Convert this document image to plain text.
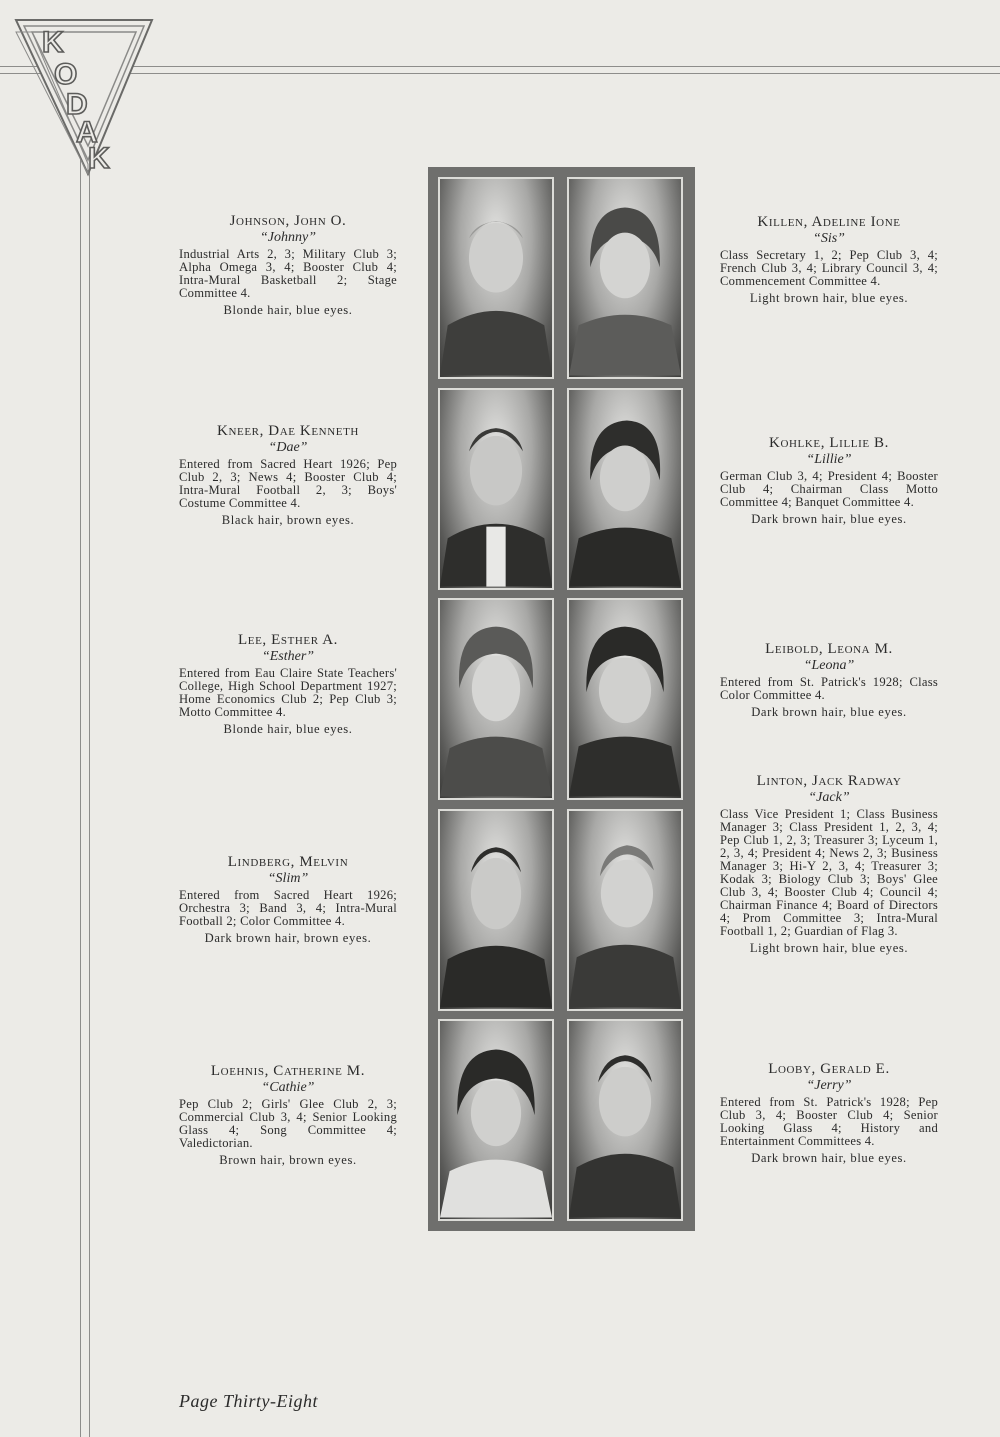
K
O
D
A
K
Johnson, John O.
“Johnny”
Industrial Arts 2, 3; Military Club 3; Alpha Omega 3, 4; Booster Club 4; Intra-Mural Basketball 2; Stage Committee 4.
Blonde hair, blue eyes.
Kneer, Dae Kenneth
“Dae”
Entered from Sacred Heart 1926; Pep Club 2, 3; News 4; Booster Club 4; Intra-Mural Football 2, 3; Boys' Costume Committee 4.
Black hair, brown eyes.
Lee, Esther A.
“Esther”
Entered from Eau Claire State Teachers' College, High School Department 1927; Home Economics Club 2; Pep Club 3; Motto Committee 4.
Blonde hair, blue eyes.
Lindberg, Melvin
“Slim”
Entered from Sacred Heart 1926; Orchestra 3; Band 3, 4; Intra-Mural Football 2; Color Committee 4.
Dark brown hair, brown eyes.
Loehnis, Catherine M.
“Cathie”
Pep Club 2; Girls' Glee Club 2, 3; Commercial Club 3, 4; Senior Looking Glass 4; Song Committee 4; Valedictorian.
Brown hair, brown eyes.
Killen, Adeline Ione
“Sis”
Class Secretary 1, 2; Pep Club 3, 4; French Club 3, 4; Library Council 3, 4; Commencement Committee 4.
Light brown hair, blue eyes.
Kohlke, Lillie B.
“Lillie”
German Club 3, 4; President 4; Booster Club 4; Chairman Class Motto Committee 4; Banquet Committee 4.
Dark brown hair, blue eyes.
Leibold, Leona M.
“Leona”
Entered from St. Patrick's 1928; Class Color Committee 4.
Dark brown hair, blue eyes.
Linton, Jack Radway
“Jack”
Class Vice President 1; Class Business Manager 3; Class President 1, 2, 3, 4; Pep Club 1, 2, 3; Treasurer 3; Lyceum 1, 2, 3, 4; President 4; News 2, 3; Business Manager 3; Hi-Y 2, 3, 4; Treasurer 3; Kodak 3; Biology Club 3; Boys' Glee Club 3, 4; Booster Club 4; Council 4; Chairman Finance 4; Board of Directors 4; Prom Committee 3; Intra-Mural Football 1, 2; Guardian of Flag 3.
Light brown hair, blue eyes.
Looby, Gerald E.
“Jerry”
Entered from St. Patrick's 1928; Pep Club 3, 4; Booster Club 4; Senior Looking Glass 4; History and Entertainment Committees 4.
Dark brown hair, blue eyes.
Page Thirty-Eight
